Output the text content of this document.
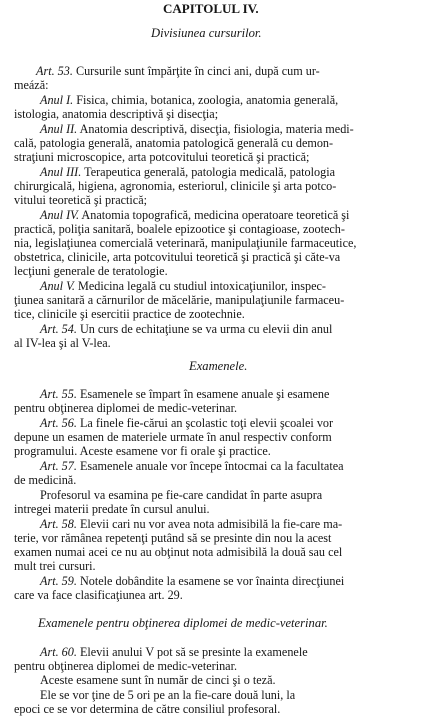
CAPITOLUL IV.
Divisiunea cursurilor.
Art. 53. Cursurile sunt împărţite în cinci ani, după cum ur-
meáză:
Anul I. Fisica, chimia, botanica, zoologia, anatomia generală,
istologia, anatomia descriptivă şi disecţia;
Anul II. Anatomia descriptivă, disecţia, fisiologia, materia medi-
cală, patologia generală, anatomia patologică generală cu demon-
straţiuni microscopice, arta potcovitului teoretică şi practică;
Anul III. Terapeutica generală, patologia medicală, patologia
chirurgicală, higiena, agronomia, esteriorul, clinicile şi arta potco-
vitului teoretică şi practică;
Anul IV. Anatomia topografică, medicina operatoare teoretică şi
practică, poliţia sanitară, boalele epizootice şi contagioase, zootech-
nia, legislaţiunea comercială veterinară, manipulaţiunile farmaceutice,
obstetrica, clinicile, arta potcovitului teoretică şi practică şi căte-va
lecţiuni generale de teratologie.
Anul V. Medicina legală cu studiul intoxicaţiunilor, inspec-
ţiunea sanitară a cărnurilor de măcelărie, manipulaţiunile farmaceu-
tice, clinicile şi esercitii practice de zootechnie.
Art. 54. Un curs de echitaţiune se va urma cu elevii din anul
al IV-lea şi al V-lea.
Examenele.
Art. 55. Esamenele se împart în esamene anuale şi esamene
pentru obţinerea diplomei de medic-veterinar.
Art. 56. La finele fie-cărui an şcolastic toţi elevii şcoalei vor
depune un esamen de materiele urmate în anul respectiv conform
programului. Aceste esamene vor fi orale şi practice.
Art. 57. Esamenele anuale vor începe întocmai ca la facultatea
de medicină.
Profesorul va esamina pe fie-care candidat în parte asupra
intregei materii predate în cursul anului.
Art. 58. Elevii cari nu vor avea nota admisibilă la fie-care ma-
terie, vor rămânea repetenţi putând să se presinte din nou la acest
examen numai acei ce nu au obţinut nota admisibilă la două sau cel
mult trei cursuri.
Art. 59. Notele dobândite la esamene se vor înainta direcţiunei
care va face clasificaţiunea art. 29.
Examenele pentru obţinerea diplomei de medic-veterinar.
Art. 60. Elevii anului V pot să se presinte la examenele
pentru obţinerea diplomei de medic-veterinar.
Aceste esamene sunt în număr de cinci şi o teză.
Ele se vor ţine de 5 ori pe an la fie-care două luni, la
epoci ce se vor determina de către consiliul profesoral.
